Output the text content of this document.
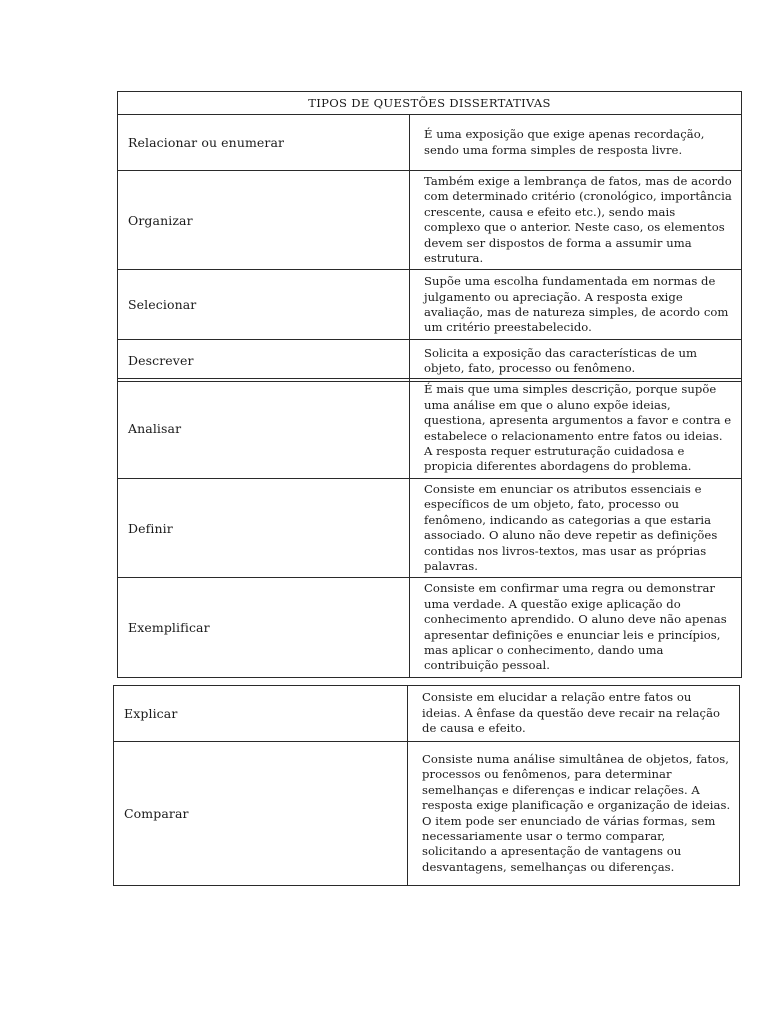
TIPOS DE QUESTÕES DISSERTATIVAS	
Relacionar ou enumerar	É uma exposição que exige apenas recordação, sendo uma forma simples de resposta livre.
Organizar	Também exige a lembrança de fatos, mas de acordo com determinado critério (cronológico, importância crescente, causa e efeito etc.), sendo mais complexo que o anterior. Neste caso, os elementos devem ser dispostos de forma a assumir uma estrutura.
Selecionar	Supõe uma escolha fundamentada em normas de julgamento ou apreciação. A resposta exige avaliação, mas de natureza simples, de acordo com um critério preestabelecido.
Descrever	Solicita a exposição das características de um objeto, fato, processo ou fenômeno.
Analisar	É mais que uma simples descrição, porque supõe uma análise em que o aluno expõe ideias, questiona, apresenta argumentos a favor e contra e estabelece o relacionamento entre fatos ou ideias. A resposta requer estruturação cuidadosa e propicia diferentes abordagens do problema.
Definir	Consiste em enunciar os atributos essenciais e específicos de um objeto, fato, processo ou fenômeno, indicando as categorias a que estaria associado. O aluno não deve repetir as definições contidas nos livros-textos, mas usar as próprias palavras.
Exemplificar	Consiste em confirmar uma regra ou demonstrar uma verdade. A questão exige aplicação do conhecimento aprendido. O aluno deve não apenas apresentar definições e enunciar leis e princípios, mas aplicar o conhecimento, dando uma contribuição pessoal.
Explicar	Consiste em elucidar a relação entre fatos ou ideias. A ênfase da questão deve recair na relação de causa e efeito.
Comparar	Consiste numa análise simultânea de objetos, fatos, processos ou fenômenos, para determinar semelhanças e diferenças e indicar relações. A resposta exige planificação e organização de ideias. O item pode ser enunciado de várias formas, sem necessariamente usar o termo comparar, solicitando a apresentação de vantagens ou desvantagens, semelhanças ou diferenças.
